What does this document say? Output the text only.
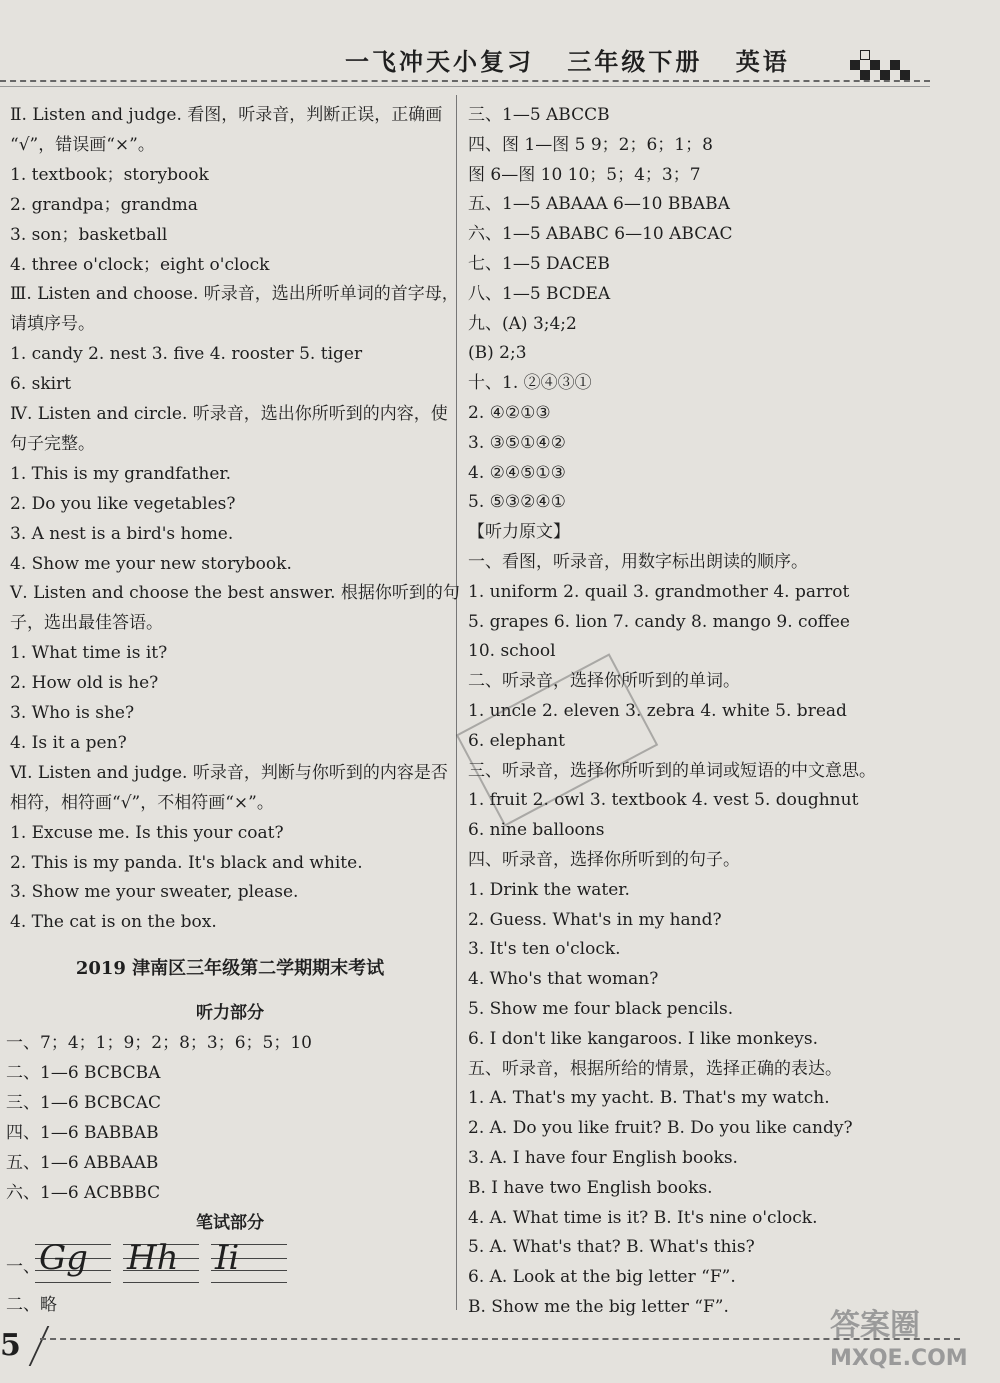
一飞冲天小复习 三年级下册 英语
Ⅱ. Listen and judge. 看图，听录音，判断正误，正确画
“√”，错误画“×”。
1. textbook；storybook
2. grandpa；grandma
3. son；basketball
4. three o'clock；eight o'clock
Ⅲ. Listen and choose. 听录音，选出所听单词的首字母，
请填序号。
1. candy 2. nest 3. five 4. rooster 5. tiger
6. skirt
Ⅳ. Listen and circle. 听录音，选出你所听到的内容，使
句子完整。
1. This is my grandfather.
2. Do you like vegetables?
3. A nest is a bird's home.
4. Show me your new storybook.
Ⅴ. Listen and choose the best answer. 根据你听到的句
子，选出最佳答语。
1. What time is it?
2. How old is he?
3. Who is she?
4. Is it a pen?
Ⅵ. Listen and judge. 听录音，判断与你听到的内容是否
相符，相符画“√”，不相符画“×”。
1. Excuse me. Is this your coat?
2. This is my panda. It's black and white.
3. Show me your sweater, please.
4. The cat is on the box.
三、1—5 ABCCB
四、图 1—图 5 9；2；6；1；8
图 6—图 10 10；5；4；3；7
五、1—5 ABAAA 6—10 BBABA
六、1—5 ABABC 6—10 ABCAC
七、1—5 DACEB
八、1—5 BCDEA
九、(A) 3;4;2
(B) 2;3
十、1. ②④③①
2. ④②①③
3. ③⑤①④②
4. ②④⑤①③
5. ⑤③②④①
【听力原文】
一、看图，听录音，用数字标出朗读的顺序。
1. uniform 2. quail 3. grandmother 4. parrot
5. grapes 6. lion 7. candy 8. mango 9. coffee
10. school
二、听录音，选择你所听到的单词。
1. uncle 2. eleven 3. zebra 4. white 5. bread
6. elephant
三、听录音，选择你所听到的单词或短语的中文意思。
1. fruit 2. owl 3. textbook 4. vest 5. doughnut
6. nine balloons
四、听录音，选择你所听到的句子。
1. Drink the water.
2. Guess. What's in my hand?
3. It's ten o'clock.
4. Who's that woman?
5. Show me four black pencils.
6. I don't like kangaroos. I like monkeys.
五、听录音，根据所给的情景，选择正确的表达。
1. A. That's my yacht. B. That's my watch.
2. A. Do you like fruit? B. Do you like candy?
3. A. I have four English books.
B. I have two English books.
4. A. What time is it? B. It's nine o'clock.
5. A. What's that? B. What's this?
6. A. Look at the big letter “F”.
B. Show me the big letter “F”.
2019 津南区三年级第二学期期末考试
听力部分
一、7；4；1；9；2；8；3；6；5；10
二、1—6 BCBCBA
三、1—6 BCBCAC
四、1—6 BABBAB
五、1—6 ABBAAB
六、1—6 ACBBBC
笔试部分
一、 Gg Hh Ii
二、略
5
答案圈
MXQE.COM
